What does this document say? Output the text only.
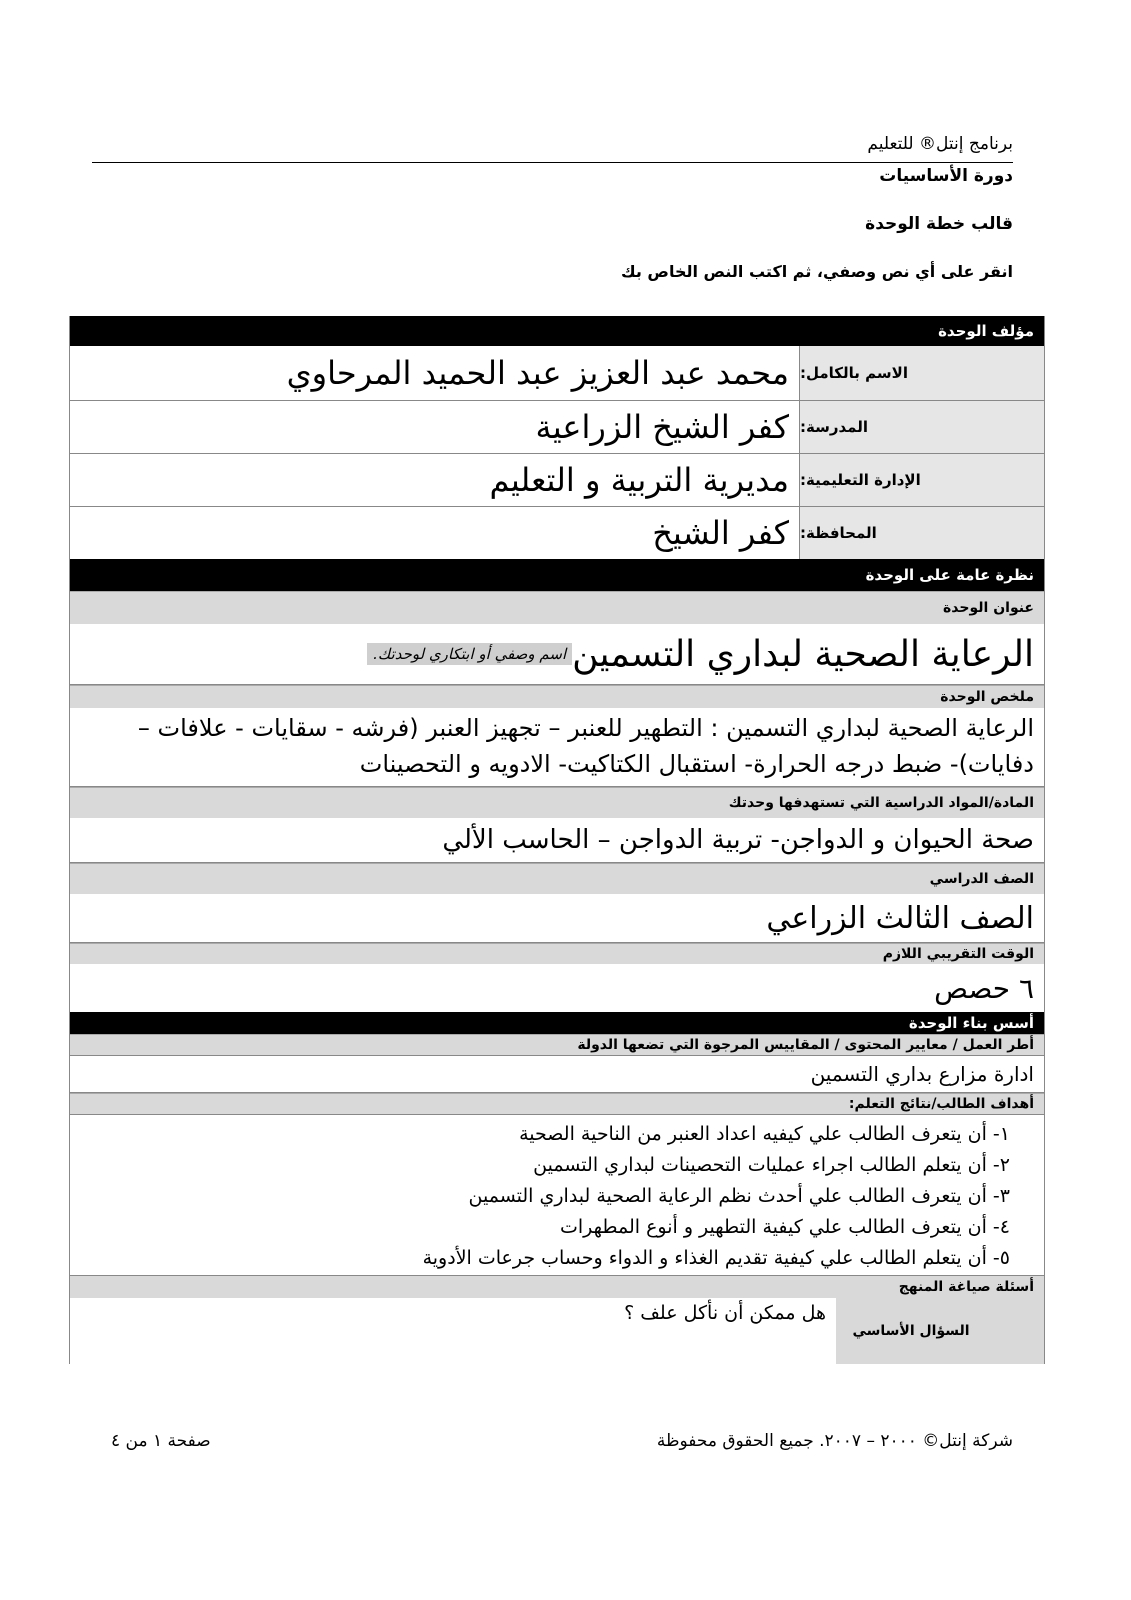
برنامج إنتل® للتعليم
دورة الأساسيات
قالب خطة الوحدة
انقر على أي نص وصفي، ثم اكتب النص الخاص بك
مؤلف الوحدة
الاسم بالكامل:
محمد عبد العزيز عبد الحميد المرحاوي
المدرسة:
كفر الشيخ الزراعية
الإدارة التعليمية:
مديرية التربية و التعليم
المحافظة:
كفر الشيخ
نظرة عامة على الوحدة
عنوان الوحدة
الرعاية الصحية لبداري التسمين
اسم وصفي أو ابتكاري لوحدتك.
ملخص الوحدة
الرعاية الصحية لبداري التسمين : التطهير للعنبر – تجهيز العنبر (فرشه - سقايات - علافات –
دفايات)- ضبط درجه الحرارة- استقبال الكتاكيت- الادويه و التحصينات
المادة/المواد الدراسية التي تستهدفها وحدتك
صحة الحيوان و الدواجن- تربية الدواجن – الحاسب الألي
الصف الدراسي
الصف الثالث الزراعي
الوقت التقريبي اللازم
٦ حصص
أسس بناء الوحدة
أطر العمل / معايير المحتوى / المقاييس المرجوة التي تضعها الدولة
ادارة مزارع بداري التسمين
أهداف الطالب/نتائج التعلم:
١- أن يتعرف الطالب علي كيفيه اعداد العنبر من الناحية الصحية
٢- أن يتعلم الطالب اجراء عمليات التحصينات لبداري التسمين
٣- أن يتعرف الطالب علي أحدث نظم الرعاية الصحية لبداري التسمين
٤- أن يتعرف الطالب علي كيفية التطهير و أنوع المطهرات
٥- أن يتعلم الطالب علي كيفية تقديم الغذاء و الدواء وحساب جرعات الأدوية
أسئلة صياغة المنهج
السؤال الأساسي
هل ممكن أن نأكل علف ؟
صفحة ١ من ٤	شركة إنتل© ٢٠٠٠ – ٢٠٠٧. جميع الحقوق محفوظة
